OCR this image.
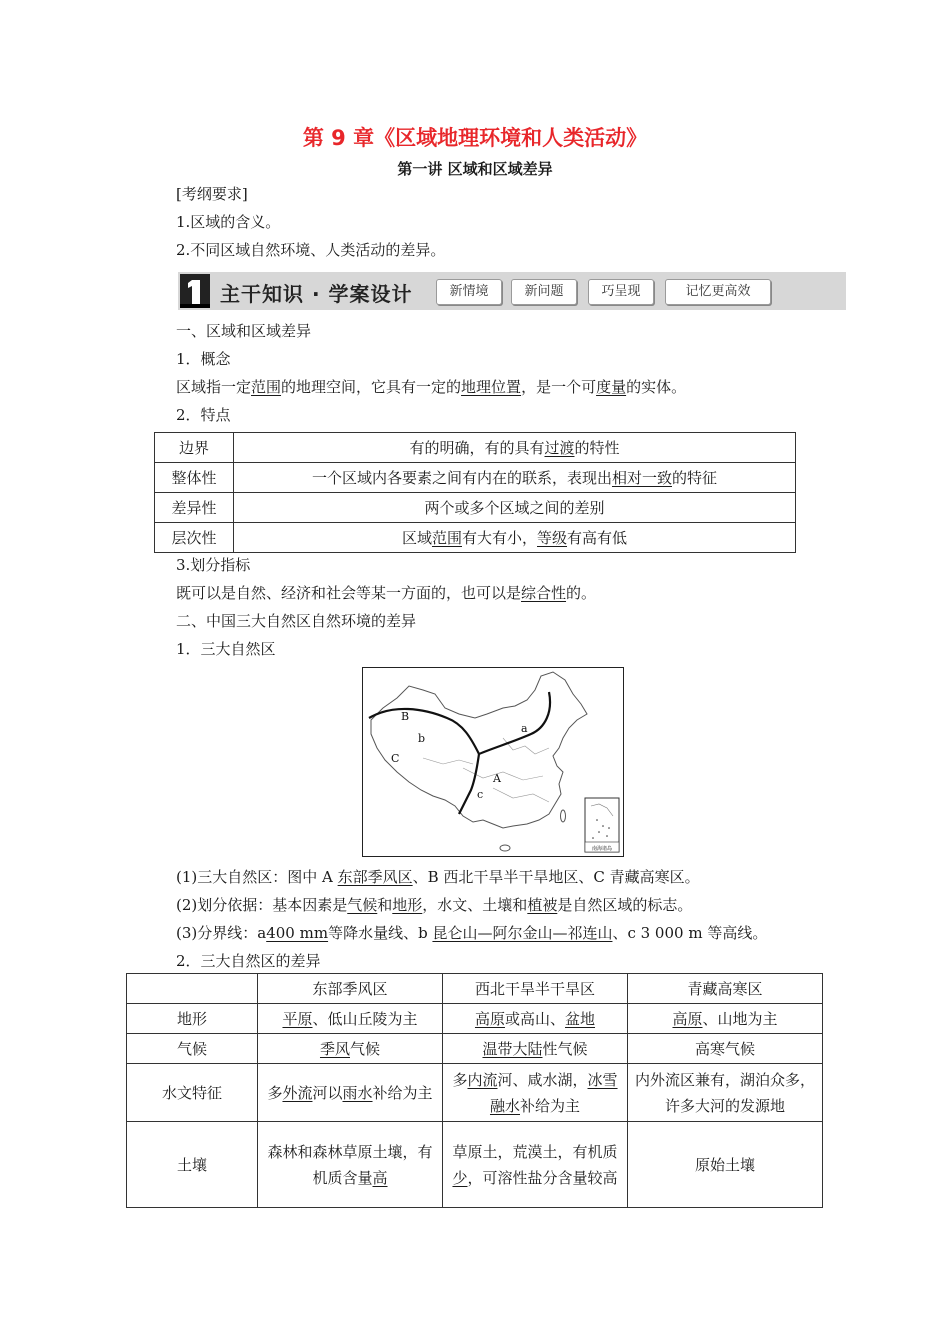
第 9 章《区域地理环境和人类活动》
第一讲 区域和区域差异
[考纲要求]
1.区域的含义。
2.不同区域自然环境、人类活动的差异。
主干知识 · 学案设计	新情境	新问题	巧呈现	记忆更高效
一、区域和区域差异
1．概念
区域指一定范围的地理空间，它具有一定的地理位置，是一个可度量的实体。
2．特点
边界	有的明确，有的具有过渡的特性
整体性	一个区域内各要素之间有内在的联系，表现出相对一致的特征
差异性	两个或多个区域之间的差别
层次性	区域范围有大有小，等级有高有低
3.划分指标
既可以是自然、经济和社会等某一方面的，也可以是综合性的。
二、中国三大自然区自然环境的差异
1．三大自然区
南海诸岛
B
a
b
C
A
c
(1)三大自然区：图中 A 东部季风区、B 西北干旱半干旱地区、C 青藏高寒区。
(2)划分依据：基本因素是气候和地形，水文、土壤和植被是自然区域的标志。
(3)分界线：a400 mm等降水量线、b 昆仑山—阿尔金山—祁连山、c 3 000 m 等高线。
2．三大自然区的差异
	东部季风区	西北干旱半干旱区	青藏高寒区
地形	平原、低山丘陵为主	高原或高山、盆地	高原、山地为主
气候	季风气候	温带大陆性气候	高寒气候
水文特征	多外流河以雨水补给为主	多内流河、咸水湖，冰雪融水补给为主	内外流区兼有，湖泊众多，许多大河的发源地
土壤	森林和森林草原土壤，有机质含量高	草原土，荒漠土，有机质少，可溶性盐分含量较高	原始土壤
